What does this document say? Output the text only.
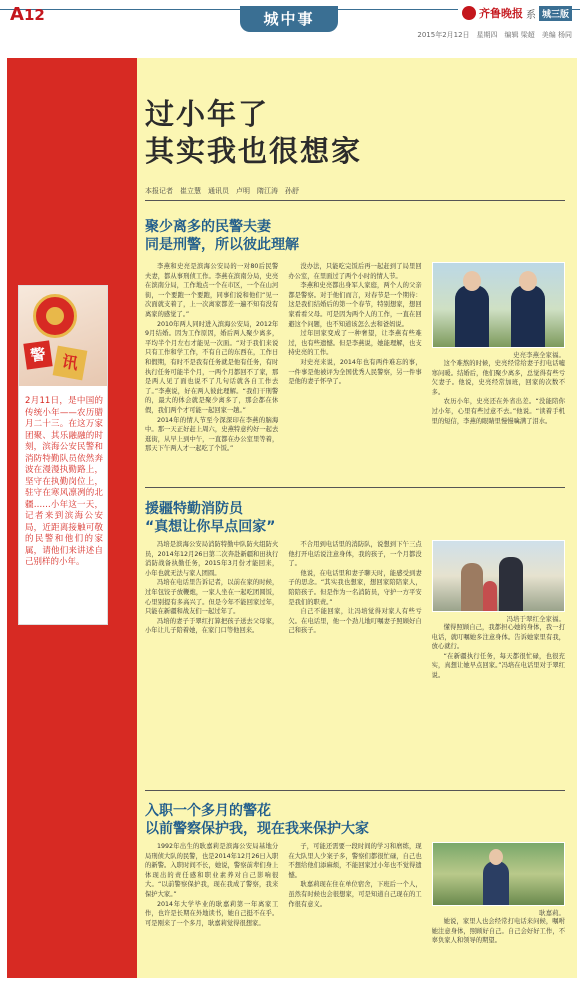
A12	城中事	齐鲁晚报 系 城三版
2015年2月12日　星期四　编辑 梁超　美编 杨同
过小年了
其实我也很想家
本报记者　崔立慧　通讯员　卢明　隋江涛　孙舒
警 讯
2月11日，是中国的传统小年——农历腊月二十三。在这万家团聚、其乐融融的时刻，滨海公安民警和消防特勤队员依然奔波在漫漫执勤路上，坚守在执勤岗位上，驻守在寒风凛冽的北疆……小年这一天，记者来到滨海公安局，近距离接触可敬的民警和他们的家属，请他们来讲述自己别样的小年。
聚少离多的民警夫妻
同是刑警，所以彼此理解

李燕和史亮是滨海公安局的一对80后民警夫妻，都从事刑侦工作。李燕在滨南分局，史亮在滨南分局，工作地点一个在市区，一个在山河街，一个要跑一个要跑，同事们说和他们“见一次面就支着了，上一次离家都差一遍不知有没有离家的感觉了。”

2010年两人同时进入滨海公安局，2012年9月结婚。因为工作原因，婚后两人聚少离多，平均半个月左右才能见一次面。“对于我们来说只有工作和学工作，不有自己的东西在，工作日和假期，有时不是我有任务就是他有任务，有时执行任务可能半个月，一两个月都回不了家，那是两人见了面也说不了几句话就各自工作去了。”李燕说，好在两人彼此理解。“我们干刑警的，最大的体会就是聚少离多了，那会都在休假，我们两个才可能一起回家一趟。”

2014年的情人节至今深深印在李燕的脑海中。那一天正好赶上周六，史燕特意约好一起去逛街，从早上到中午，一直都在办公室里等着，那天下午两人才一起吃了个饭。”

没办法，只能吃完饭后再一起赶到了局里回办公室，在里面过了两个小时的情人节。

李燕和史亮都出身军人家庭，两个人的父亲都是警察。对于他们而言，对春节是一个期待：这是我们结婚后的第一个春节，特别想家，想回家看看父母。可是因为两个人的工作，一直在回避这个问题，也不知道该怎么去和爸妈说。

过年回家变成了一种奢望，让李燕有些难过，也有些遗憾。但是李燕说，她能理解，也支持史亮的工作。

对史亮来说，2014年也有两件难忘的事，一件事是他被评为全国优秀人民警察，另一件事是他的妻子怀孕了。

史亮李燕全家福。

这个难熬的时候，史亮经常给妻子打电话嘘寒问暖。结婚后，他们聚少离多，总觉得有些亏欠妻子。他说，史亮经常加班，回家的次数不多。

农历小年，史亮还在外省出差。“没能陪你过小年，心里有些过意不去。”他说。“读着手机里的短信，李燕的眼睛里慢慢噙满了泪水。

援疆特勤消防员
“真想让你早点回家”

冯培是滨海公安局消防特勤中队防火组防火员，2014年12月26日第二次奔赴新疆和田执行消防战备执勤任务，2015年3月份才能回来，小年也就无法与家人团圆。

冯培在电话里告诉记者，以前在家的时候，过年包饺子放鞭炮，一家人坐在一起吃团圆饭，心里别提有多高兴了。但是今年不能回家过年，只能在新疆和战友们一起过年了。

冯培的妻子于翠红打算把孩子送去父母家，小年让儿子陪着她，在家门口等他回来。

不合用到电话里的消防队，说想到下午三点他打开电话说注意身体，我的孩子，一个月都没了。

他说，在电话里和妻子聊天时，能感受到妻子的思念。“其实我也想家，想回家陪陪家人，陪陪孩子。但是作为一名消防员，守护一方平安是我们的职责。”

自己不能回家，让冯培觉得对家人有些亏欠。在电话里，他一个劲儿地叮嘱妻子照顾好自己和孩子。

冯培于翠红全家福。

懂得照顾自己，我都担心她的身体，我一打电话，就叮嘱她多注意身体。告诉她家里有我，放心就行。

“在新疆执行任务，每天都很忙碌，也很充实，真想让她早点回家。”冯培在电话里对于翠红说。

入职一个多月的警花
以前警察保护我，现在我来保护大家

1992年出生的耿嘉莉是滨海公安局基地分局刑侦大队的民警，也是2014年12月26日入职的新警。入职时间不长，她说，警察前辈们身上体现出的责任感和职业素养对自己影响很大。“以前警察保护我，现在我成了警察，我来保护大家。”

2014年大学毕业的耿嘉莉第一年离家工作，也许是长期在外地读书，她自己挺不在乎。可是刚来了一个多月，耿嘉莉觉得很想家。

子，可能还需要一段时间的学习和磨练，现在大队里人少案子多，警察们都很忙碌，自己也不想给他们添麻烦，不能回家过小年也不觉得遗憾。

耿嘉莉现在住在单位宿舍，下班后一个人，虽然有时候也会很想家，可是知道自己现在的工作很有意义。

耿嘉莉。

她说，家里人也会经常打电话来问候，嘱咐她注意身体，照顾好自己。自己会好好工作，不辜负家人和领导的期望。
